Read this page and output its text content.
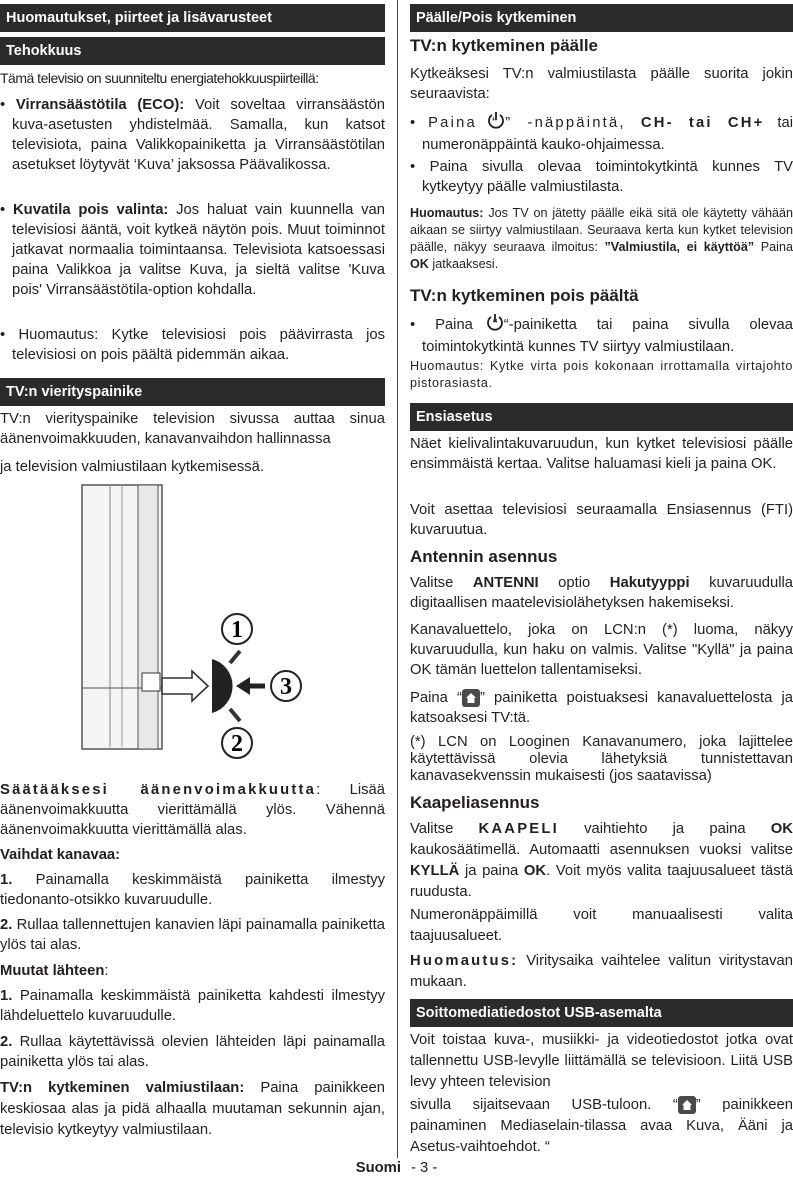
Huomautukset, piirteet ja lisävarusteet
Tehokkuus

Tämä televisio on suunniteltu energiatehokkuuspiirteillä:

• Virransäästötila (ECO): Voit soveltaa virransäästön kuva-asetusten yhdistelmää. Samalla, kun katsot televisiota, paina Valikkopainiketta ja Virransäästötilan asetukset löytyvät ‘Kuva’ jaksossa Päävalikossa.

• Kuvatila pois valinta: Jos haluat vain kuunnella van televisiosi ääntä, voit kytkeä näytön pois. Muut toiminnot jatkavat normaalia toimintaansa. Televisiota katsoessasi paina Valikkoa ja valitse Kuva, ja sieltä valitse 'Kuva pois' Virransäästötila-option kohdalla.

• Huomautus: Kytke televisiosi pois päävirrasta jos televisiosi on pois päältä pidemmän aikaa.

TV:n vierityspainike

TV:n vierityspainike television sivussa auttaa sinua äänenvoimakkuuden, kanavanvaihdon hallinnassa

ja television valmiustilaan kytkemisessä.

1
2
3

Säätääksesi äänenvoimakkuutta: Lisää äänenvoimakkuutta vierittämällä ylös. Vähennä äänenvoimakkuutta vierittämällä alas.

Vaihdat kanavaa:

1. Painamalla keskimmäistä painiketta ilmestyy tiedonanto-otsikko kuvaruudulle.

2. Rullaa tallennettujen kanavien läpi painamalla painiketta ylös tai alas.

Muutat lähteen:

1. Painamalla keskimmäistä painiketta kahdesti ilmestyy lähdeluettelo kuvaruudulle.

2. Rullaa käytettävissä olevien lähteiden läpi painamalla painiketta ylös tai alas.

TV:n kytkeminen valmiustilaan: Paina painikkeen keskiosaa alas ja pidä alhaalla muutaman sekunnin ajan, televisio kytkeytyy valmiustilaan.

Päälle/Pois kytkeminen

TV:n kytkeminen päälle

Kytkeäksesi TV:n valmiustilasta päälle suorita jokin seuraavista:

• Paina “ ” -näppäintä, CH- tai CH+ tai numeronäppäintä kauko-ohjaimessa.

• Paina sivulla olevaa toimintokytkintä kunnes TV kytkeytyy päälle valmiustilasta.

Huomautus: Jos TV on jätetty päälle eikä sitä ole käytetty vähään aikaan se siirtyy valmiustilaan. Seuraava kerta kun kytket television päälle, näkyy seuraava ilmoitus: ”Valmiustila, ei käyttöä” Paina OK jatkaaksesi.

TV:n kytkeminen pois päältä

• Paina “ “-painiketta tai paina sivulla olevaa toimintokytkintä kunnes TV siirtyy valmiustilaan.

Huomautus: Kytke virta pois kokonaan irrottamalla virtajohto pistorasiasta.

Ensiasetus

Näet kielivalintakuvaruudun, kun kytket televisiosi päälle ensimmäistä kertaa. Valitse haluamasi kieli ja paina OK.

Voit asettaa televisiosi seuraamalla Ensiasennus (FTI) kuvaruutua.

Antennin asennus

Valitse ANTENNI optio Hakutyyppi kuvaruudulla digitaallisen maatelevisiolähetyksen hakemiseksi.

Kanavaluettelo, joka on LCN:n (*) luoma, näkyy kuvaruudulla, kun haku on valmis. Valitse "Kyllä" ja paina OK tämän luettelon tallentamiseksi.

Paina “ ” painiketta poistuaksesi kanavaluettelosta ja katsoaksesi TV:tä.

(*) LCN on Looginen Kanavanumero, joka lajittelee käytettävissä olevia lähetyksiä tunnistettavan kanavasekvenssin mukaisesti (jos saatavissa)

Kaapeliasennus

Valitse KAAPELI vaihtiehto ja paina OK kaukosäätimellä. Automaatti asennuksen vuoksi valitse KYLLÄ ja paina OK. Voit myös valita taajuusalueet tästä ruudusta.

Numeronäppäimillä voit manuaalisesti valita taajuusalueet.

Huomautus: Viritysaika vaihtelee valitun viritystavan mukaan.

Soittomediatiedostot USB-asemalta

Voit toistaa kuva-, musiikki- ja videotiedostot jotka ovat tallennettu USB-levylle liittämällä se televisioon. Liitä USB levy yhteen television

sivulla sijaitsevaan USB-tuloon. “ ” painikkeen painaminen Mediaselain-tilassa avaa Kuva, Ääni ja Asetus-vaihtoehdot. “

Suomi - 3 -
